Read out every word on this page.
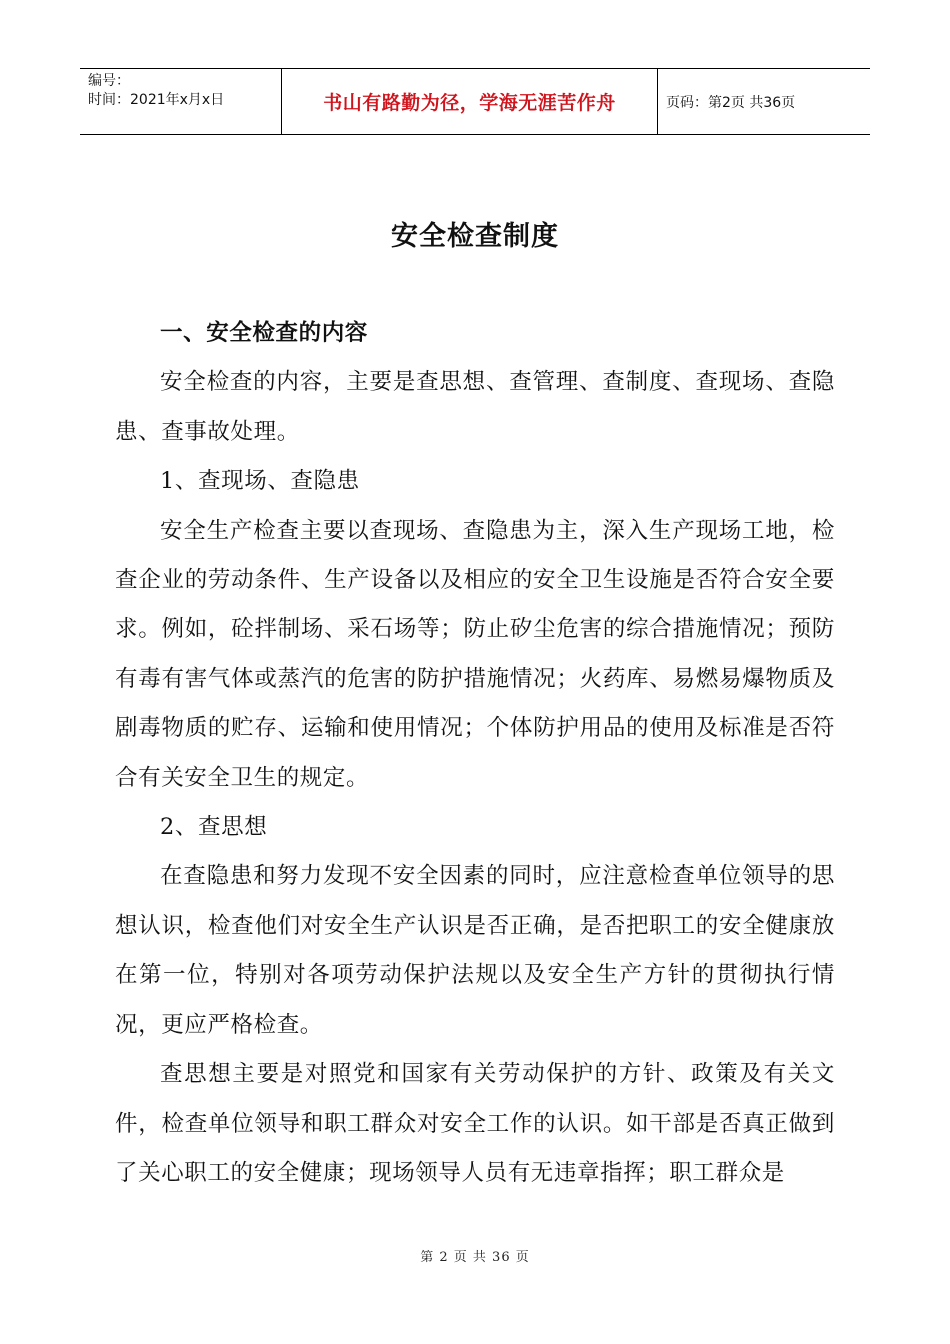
编号：
时间：2021年x月x日	书山有路勤为径，学海无涯苦作舟	页码：第2页 共36页
安全检查制度

一、安全检查的内容

安全检查的内容，主要是查思想、查管理、查制度、查现场、查隐患、查事故处理。

1、查现场、查隐患

安全生产检查主要以查现场、查隐患为主，深入生产现场工地，检查企业的劳动条件、生产设备以及相应的安全卫生设施是否符合安全要求。例如，砼拌制场、采石场等；防止矽尘危害的综合措施情况；预防有毒有害气体或蒸汽的危害的防护措施情况；火药库、易燃易爆物质及剧毒物质的贮存、运输和使用情况；个体防护用品的使用及标准是否符合有关安全卫生的规定。

2、查思想

在查隐患和努力发现不安全因素的同时，应注意检查单位领导的思想认识，检查他们对安全生产认识是否正确，是否把职工的安全健康放在第一位，特别对各项劳动保护法规以及安全生产方针的贯彻执行情况，更应严格检查。

查思想主要是对照党和国家有关劳动保护的方针、政策及有关文件，检查单位领导和职工群众对安全工作的认识。如干部是否真正做到了关心职工的安全健康；现场领导人员有无违章指挥；职工群众是

第 2 页 共 36 页
